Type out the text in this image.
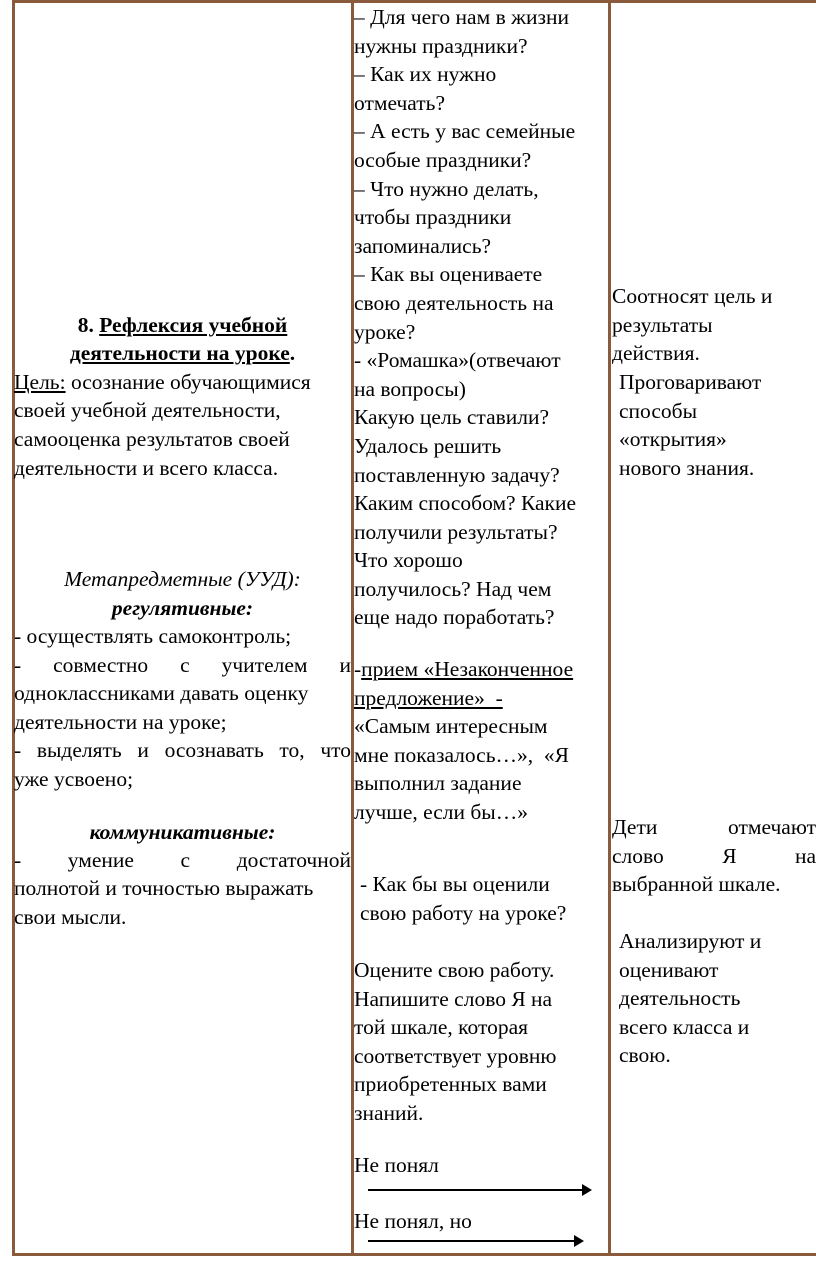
8. Рефлексия учебной
деятельности на уроке.
Цель: осознание обучающимися
своей учебной деятельности,
самооценка результатов своей
деятельности и всего класса.
Метапредметные (УУД):
регулятивные:
- осуществлять самоконтроль;
- совместно с учителем и
одноклассниками давать оценку
деятельности на уроке;
- выделять и осознавать то, что
уже усвоено;
коммуникативные:
- умение с достаточной
полнотой и точностью выражать
свои мысли.
– Для чего нам в жизни
нужны праздники?
– Как их нужно
отмечать?
– А есть у вас семейные
особые праздники?
– Что нужно делать,
чтобы праздники
запоминались?
– Как вы оцениваете
свою деятельность на
уроке?
- «Ромашка»(отвечают
на вопросы)
Какую цель ставили?
Удалось решить
поставленную задачу?
Каким способом? Какие
получили результаты?
Что хорошо
получилось? Над чем
еще надо поработать?
-прием «Незаконченное
предложение»  -
«Самым интересным
мне показалось…»,  «Я
выполнил задание
лучше, если бы…»
- Как бы вы оценили
свою работу на уроке?
Оцените свою работу.
Напишите слово Я на
той шкале, которая
соответствует уровню
приобретенных вами
знаний.
Не понял
Не понял, но
Соотносят цель и
результаты
действия.
Проговаривают
способы
«открытия»
нового знания.
Дети отмечают
слово Я на
выбранной шкале.
Анализируют и
оценивают
деятельность
всего класса и
свою.
